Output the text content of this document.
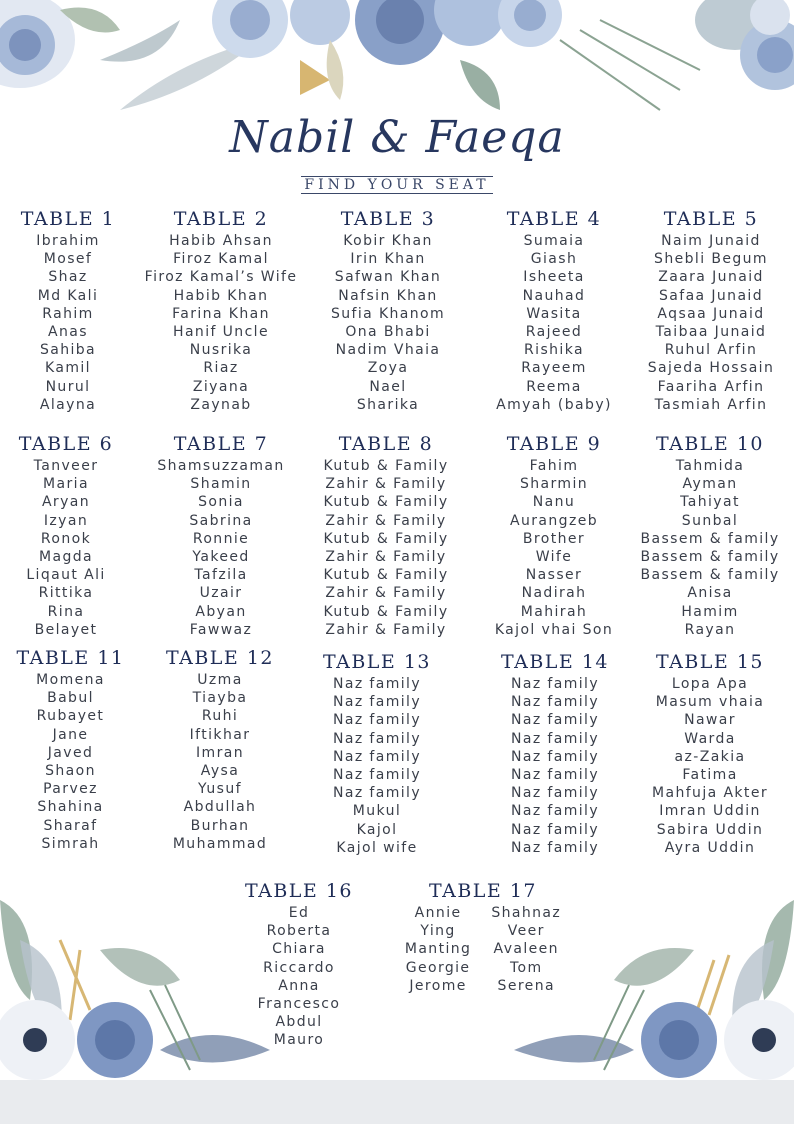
Nabil & Faeqa
FIND YOUR SEAT
TABLE 1
Ibrahim
Mosef
Shaz
Md Kali
Rahim
Anas
Sahiba
Kamil
Nurul
Alayna
TABLE 2
Habib Ahsan
Firoz Kamal
Firoz Kamal’s Wife
Habib Khan
Farina Khan
Hanif Uncle
Nusrika
Riaz
Ziyana
Zaynab
TABLE 3
Kobir Khan
Irin Khan
Safwan Khan
Nafsin Khan
Sufia Khanom
Ona Bhabi
Nadim Vhaia
Zoya
Nael
Sharika
TABLE 4
Sumaia
Giash
Isheeta
Nauhad
Wasita
Rajeed
Rishika
Rayeem
Reema
Amyah (baby)
TABLE 5
Naim Junaid
Shebli Begum
Zaara Junaid
Safaa Junaid
Aqsaa Junaid
Taibaa Junaid
Ruhul Arfin
Sajeda Hossain
Faariha Arfin
Tasmiah Arfin
TABLE 6
Tanveer
Maria
Aryan
Izyan
Ronok
Magda
Liqaut Ali
Rittika
Rina
Belayet
TABLE 7
Shamsuzzaman
Shamin
Sonia
Sabrina
Ronnie
Yakeed
Tafzila
Uzair
Abyan
Fawwaz
TABLE 8
Kutub & Family
Zahir & Family
Kutub & Family
Zahir & Family
Kutub & Family
Zahir & Family
Kutub & Family
Zahir & Family
Kutub & Family
Zahir & Family
TABLE 9
Fahim
Sharmin
Nanu
Aurangzeb
Brother
Wife
Nasser
Nadirah
Mahirah
Kajol vhai Son
TABLE 10
Tahmida
Ayman
Tahiyat
Sunbal
Bassem & family
Bassem & family
Bassem & family
Anisa
Hamim
Rayan
TABLE 11
Momena
Babul
Rubayet
Jane
Javed
Shaon
Parvez
Shahina
Sharaf
Simrah
TABLE 12
Uzma
Tiayba
Ruhi
Iftikhar
Imran
Aysa
Yusuf
Abdullah
Burhan
Muhammad
TABLE 13
Naz family
Naz family
Naz family
Naz family
Naz family
Naz family
Naz family
Mukul
Kajol
Kajol wife
TABLE 14
Naz family
Naz family
Naz family
Naz family
Naz family
Naz family
Naz family
Naz family
Naz family
Naz family
TABLE 15
Lopa Apa
Masum vhaia
Nawar
Warda
az-Zakia
Fatima
Mahfuja Akter
Imran Uddin
Sabira Uddin
Ayra Uddin
TABLE 16
Ed
Roberta
Chiara
Riccardo
Anna
Francesco
Abdul
Mauro
TABLE 17
Annie
Ying
Manting
Georgie
Jerome
Shahnaz
Veer
Avaleen
Tom
Serena
